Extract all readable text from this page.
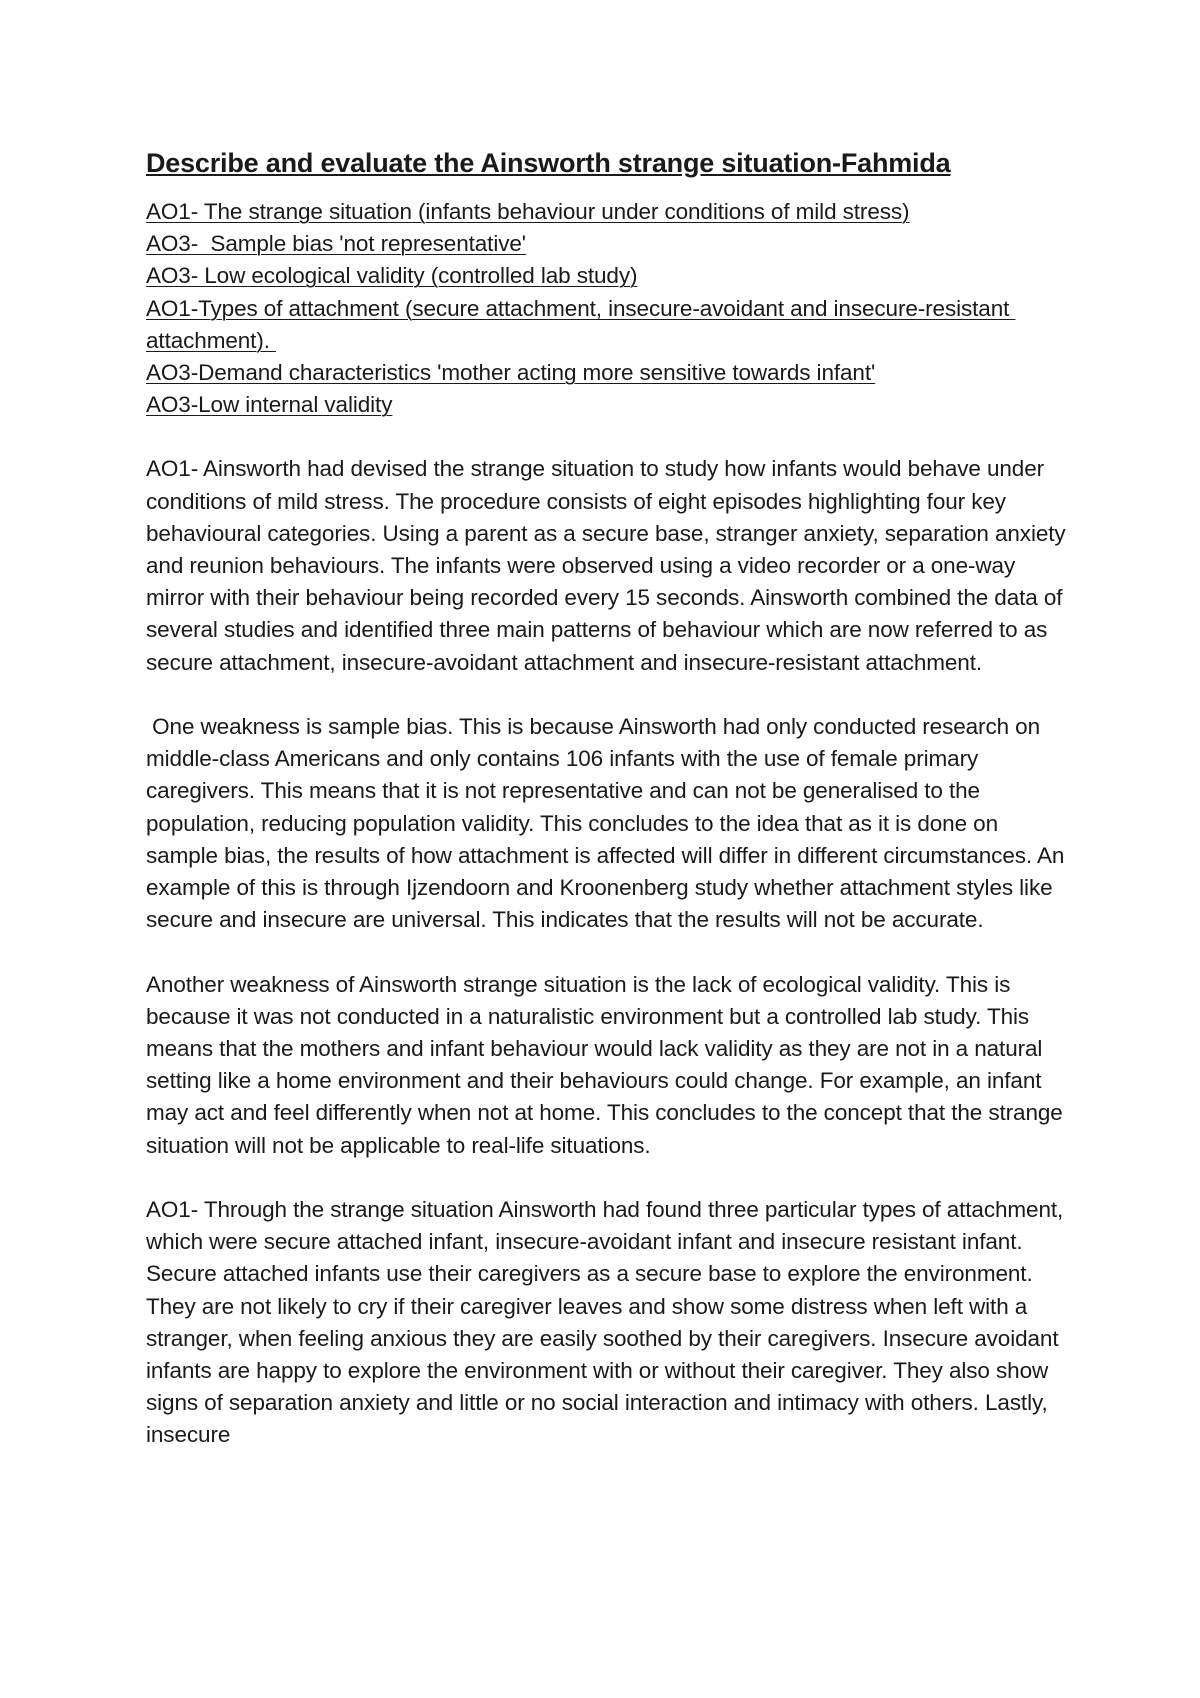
Describe and evaluate the Ainsworth strange situation-Fahmida
AO1- The strange situation (infants behaviour under conditions of mild stress)
AO3-  Sample bias 'not representative'
AO3- Low ecological validity (controlled lab study)
AO1-Types of attachment (secure attachment, insecure-avoidant and insecure-resistant attachment).
AO3-Demand characteristics 'mother acting more sensitive towards infant'
AO3-Low internal validity

AO1- Ainsworth had devised the strange situation to study how infants would behave under conditions of mild stress. The procedure consists of eight episodes highlighting four key behavioural categories. Using a parent as a secure base, stranger anxiety, separation anxiety and reunion behaviours. The infants were observed using a video recorder or a one-way mirror with their behaviour being recorded every 15 seconds. Ainsworth combined the data of several studies and identified three main patterns of behaviour which are now referred to as secure attachment, insecure-avoidant attachment and insecure-resistant attachment.

One weakness is sample bias. This is because Ainsworth had only conducted research on middle-class Americans and only contains 106 infants with the use of female primary caregivers. This means that it is not representative and can not be generalised to the population, reducing population validity. This concludes to the idea that as it is done on sample bias, the results of how attachment is affected will differ in different circumstances. An example of this is through Ijzendoorn and Kroonenberg study whether attachment styles like secure and insecure are universal. This indicates that the results will not be accurate.

Another weakness of Ainsworth strange situation is the lack of ecological validity. This is because it was not conducted in a naturalistic environment but a controlled lab study. This means that the mothers and infant behaviour would lack validity as they are not in a natural setting like a home environment and their behaviours could change. For example, an infant may act and feel differently when not at home. This concludes to the concept that the strange situation will not be applicable to real-life situations.

AO1- Through the strange situation Ainsworth had found three particular types of attachment, which were secure attached infant, insecure-avoidant infant and insecure resistant infant. Secure attached infants use their caregivers as a secure base to explore the environment. They are not likely to cry if their caregiver leaves and show some distress when left with a stranger, when feeling anxious they are easily soothed by their caregivers. Insecure avoidant infants are happy to explore the environment with or without their caregiver. They also show signs of separation anxiety and little or no social interaction and intimacy with others. Lastly, insecure
